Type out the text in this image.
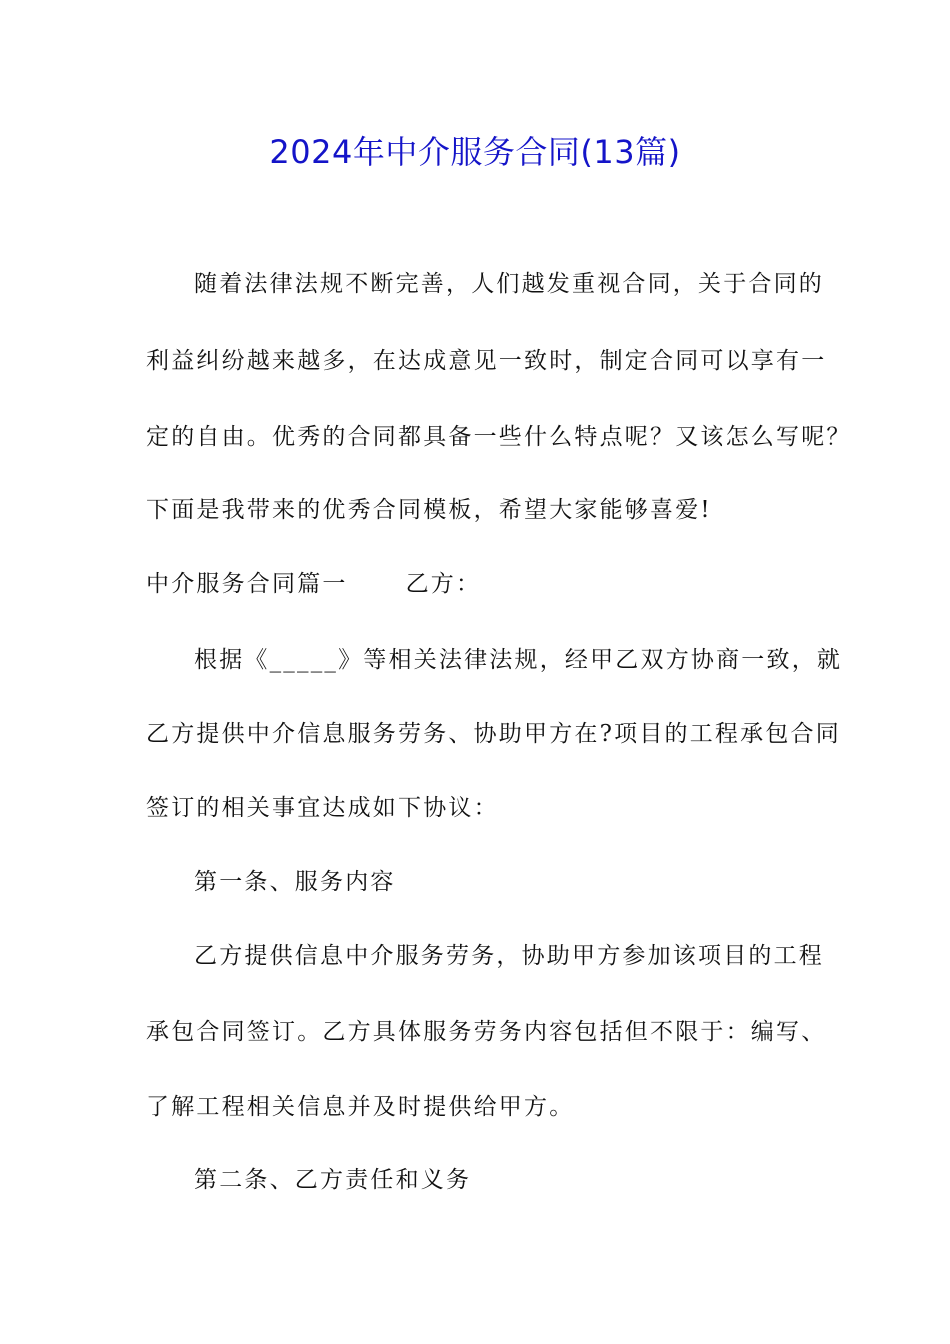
2024年中介服务合同(13篇)
随着法律法规不断完善，人们越发重视合同，关于合同的
利益纠纷越来越多，在达成意见一致时，制定合同可以享有一
定的自由。优秀的合同都具备一些什么特点呢？又该怎么写呢？
下面是我带来的优秀合同模板，希望大家能够喜爱!
中介服务合同篇一	乙方：
根据《_____》等相关法律法规，经甲乙双方协商一致，就
乙方提供中介信息服务劳务、协助甲方在?项目的工程承包合同
签订的相关事宜达成如下协议：
第一条、服务内容
乙方提供信息中介服务劳务，协助甲方参加该项目的工程
承包合同签订。乙方具体服务劳务内容包括但不限于：编写、
了解工程相关信息并及时提供给甲方。
第二条、乙方责任和义务
